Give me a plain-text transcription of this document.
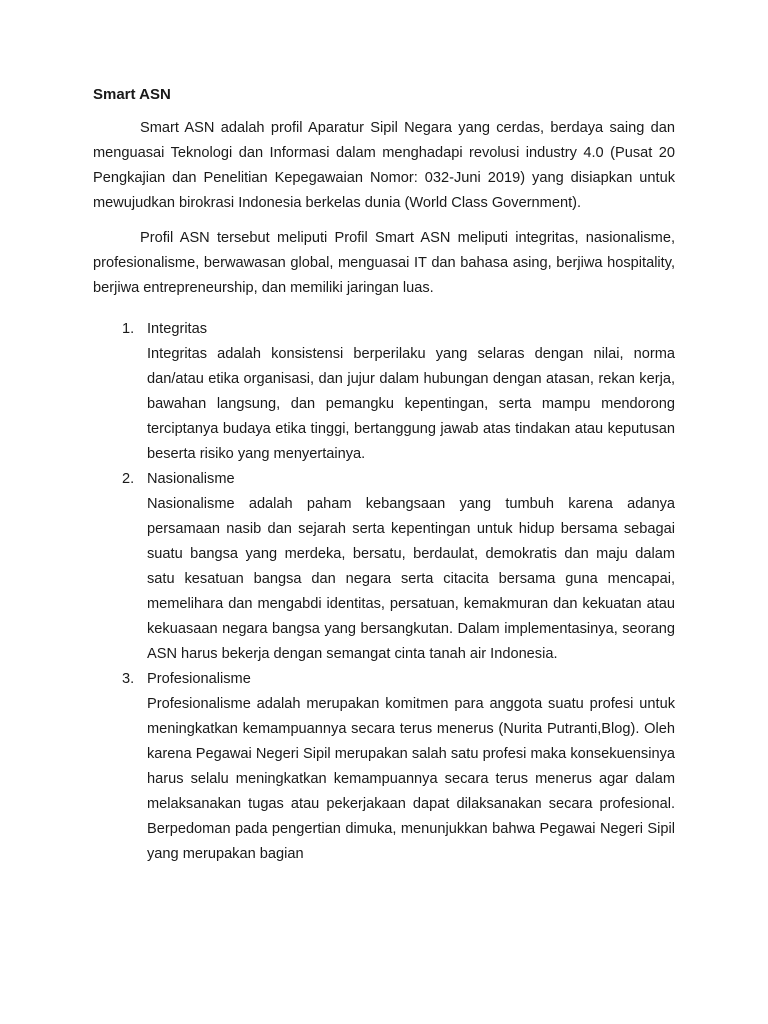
Smart ASN

Smart ASN adalah profil Aparatur Sipil Negara yang cerdas, berdaya saing dan menguasai Teknologi dan Informasi dalam menghadapi revolusi industry 4.0 (Pusat 20 Pengkajian dan Penelitian Kepegawaian Nomor: 032-Juni 2019) yang disiapkan untuk mewujudkan birokrasi Indonesia berkelas dunia (World Class Government).

Profil ASN tersebut meliputi Profil Smart ASN meliputi integritas, nasionalisme, profesionalisme, berwawasan global, menguasai IT dan bahasa asing, berjiwa hospitality, berjiwa entrepreneurship, dan memiliki jaringan luas.

1. Integritas

Integritas adalah konsistensi berperilaku yang selaras dengan nilai, norma dan/atau etika organisasi, dan jujur dalam hubungan dengan atasan, rekan kerja, bawahan langsung, dan pemangku kepentingan, serta mampu mendorong terciptanya budaya etika tinggi, bertanggung jawab atas tindakan atau keputusan beserta risiko yang menyertainya.

2. Nasionalisme

Nasionalisme adalah paham kebangsaan yang tumbuh karena adanya persamaan nasib dan sejarah serta kepentingan untuk hidup bersama sebagai suatu bangsa yang merdeka, bersatu, berdaulat, demokratis dan maju dalam satu kesatuan bangsa dan negara serta citacita bersama guna mencapai, memelihara dan mengabdi identitas, persatuan, kemakmuran dan kekuatan atau kekuasaan negara bangsa yang bersangkutan. Dalam implementasinya, seorang ASN harus bekerja dengan semangat cinta tanah air Indonesia.

3. Profesionalisme

Profesionalisme adalah merupakan komitmen para anggota suatu profesi untuk meningkatkan kemampuannya secara terus menerus (Nurita Putranti,Blog). Oleh karena Pegawai Negeri Sipil merupakan salah satu profesi maka konsekuensinya harus selalu meningkatkan kemampuannya secara terus menerus agar dalam melaksanakan tugas atau pekerjakaan dapat dilaksanakan secara profesional. Berpedoman pada pengertian dimuka, menunjukkan bahwa Pegawai Negeri Sipil yang merupakan bagian
